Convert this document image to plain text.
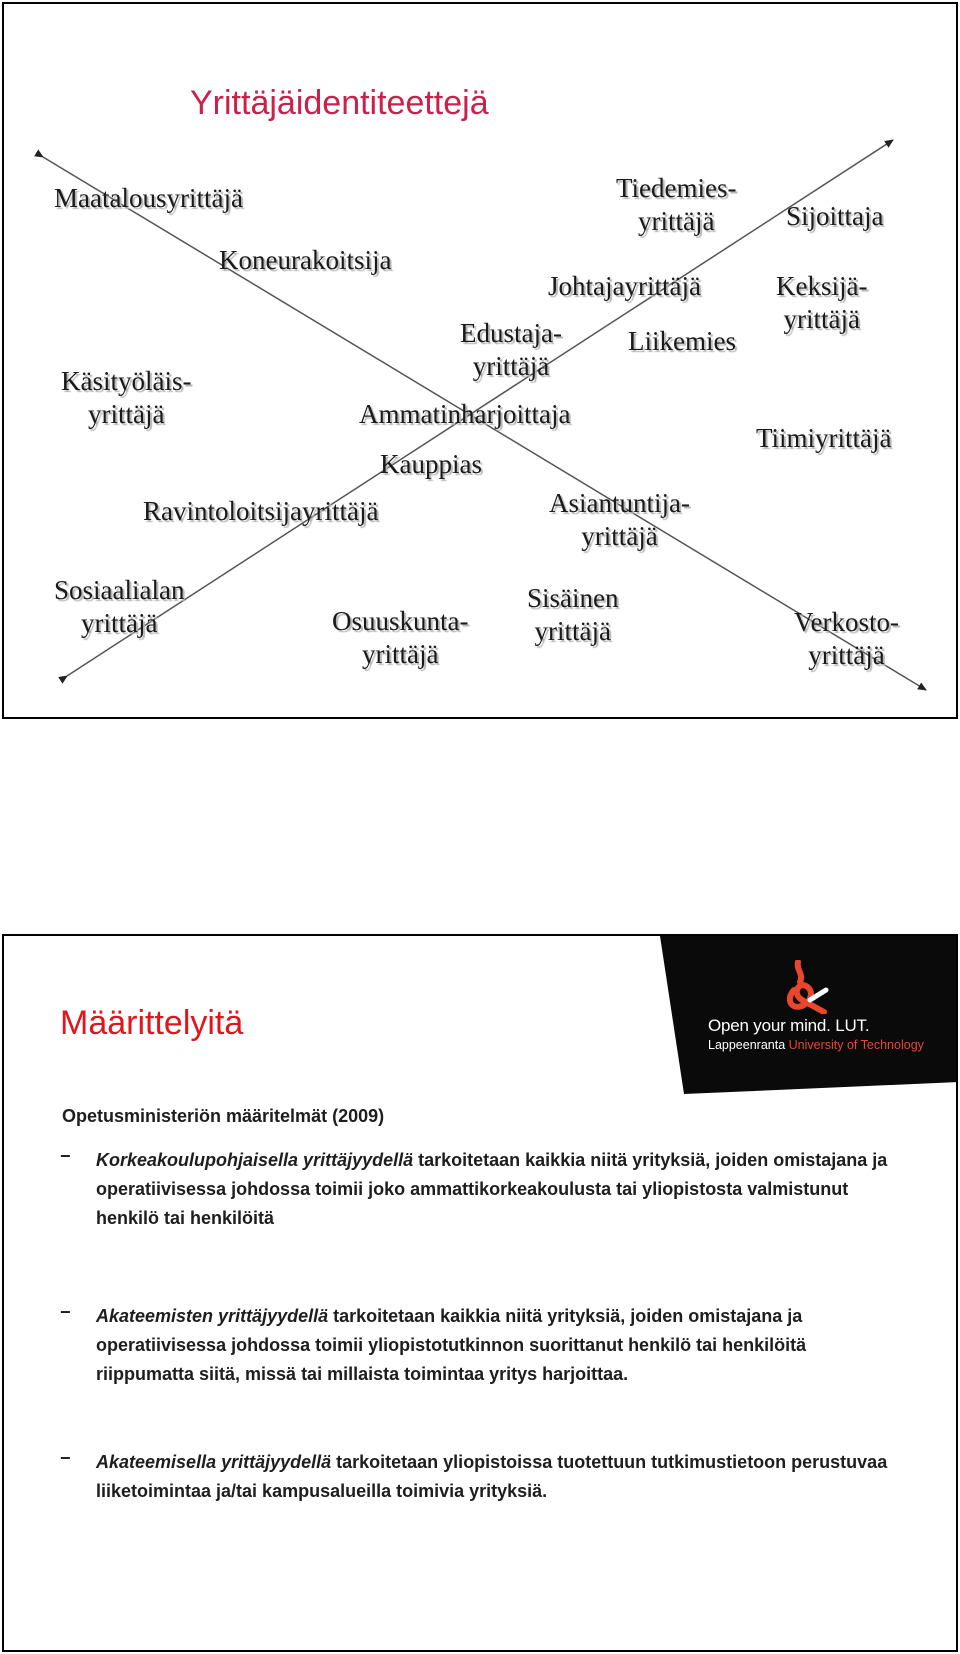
Yrittäjäidentiteettejä
Maatalousyrittäjä
Koneurakoitsija
Tiedemies-
yrittäjä	Sijoittaja
Johtajayrittäjä	Keksijä-
yrittäjä
Edustaja-
yrittäjä
Liikemies
Käsityöläis-
yrittäjä	Ammatinharjoittaja
Tiimiyrittäjä
Kauppias
Ravintoloitsijayrittäjä	Asiantuntija-
yrittäjä
Sosiaalialan
yrittäjä
Sisäinen
yrittäjä
Osuuskunta-
yrittäjä
Verkosto-
yrittäjä
Open your mind. LUT.
Lappeenranta University of Technology
Määrittelyitä
Opetusministeriön määritelmät (2009)
− Korkeakoulupohjaisella yrittäjyydellä tarkoitetaan kaikkia niitä yrityksiä, joiden omistajana ja operatiivisessa johdossa toimii joko ammattikorkeakoulusta tai yliopistosta valmistunut henkilö tai henkilöitä
− Akateemisten yrittäjyydellä tarkoitetaan kaikkia niitä yrityksiä, joiden omistajana ja operatiivisessa johdossa toimii yliopistotutkinnon suorittanut henkilö tai henkilöitä riippumatta siitä, missä tai millaista toimintaa yritys harjoittaa.
− Akateemisella yrittäjyydellä tarkoitetaan yliopistoissa tuotettuun tutkimustietoon perustuvaa liiketoimintaa ja/tai kampusalueilla toimivia yrityksiä.
